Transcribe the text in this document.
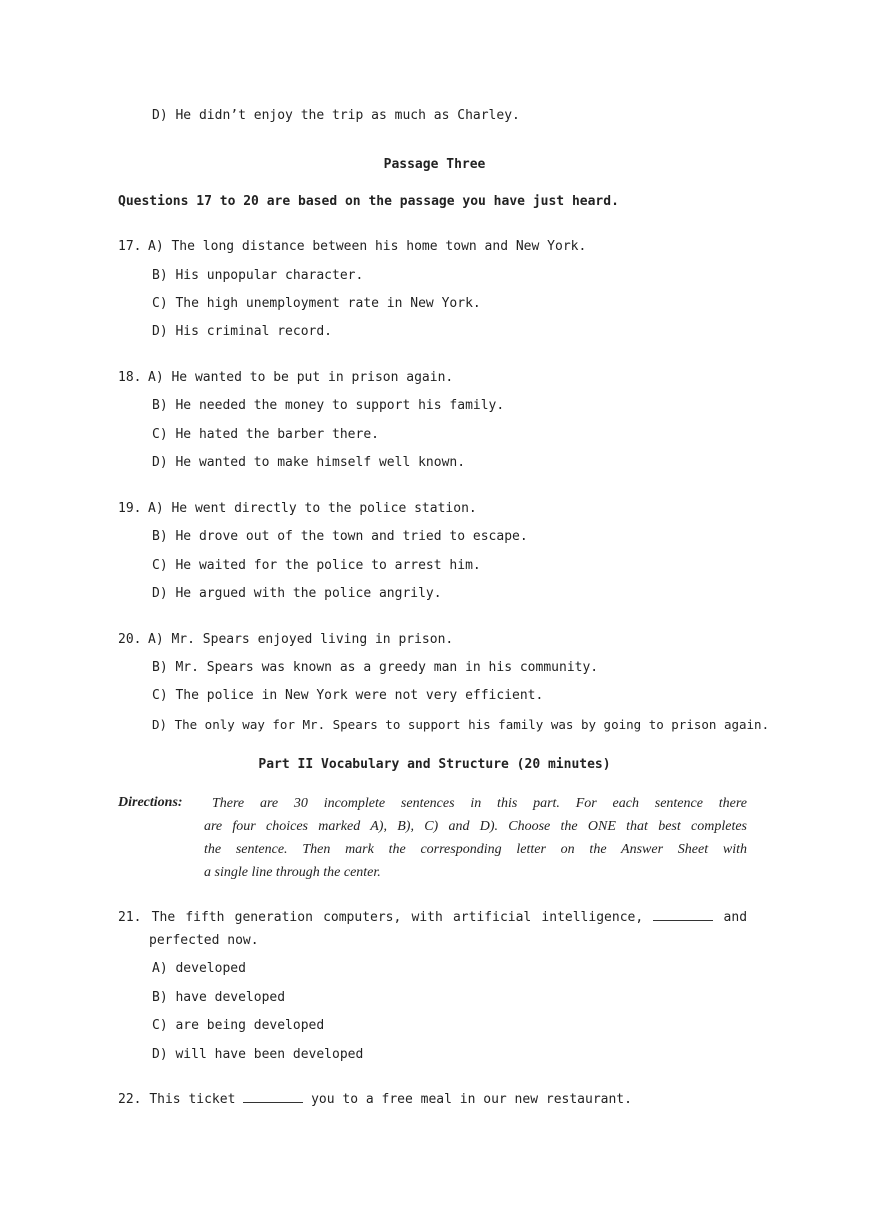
D) He didn’t enjoy the trip as much as Charley.
Passage Three
Questions 17 to 20 are based on the passage you have just heard.
17. A) The long distance between his home town and New York.
B) His unpopular character.
C) The high unemployment rate in New York.
D) His criminal record.
18. A) He wanted to be put in prison again.
B) He needed the money to support his family.
C) He hated the barber there.
D) He wanted to make himself well known.
19. A) He went directly to the police station.
B) He drove out of the town and tried to escape.
C) He waited for the police to arrest him.
D) He argued with the police angrily.
20. A) Mr. Spears enjoyed living in prison.
B) Mr. Spears was known as a greedy man in his community.
C) The police in New York were not very efficient.
D) The only way for Mr. Spears to support his family was by going to prison again.
Part II Vocabulary and Structure (20 minutes)
Directions: There are 30 incomplete sentences in this part. For each sentence there
are four choices marked A), B), C) and D). Choose the ONE that best completes
the sentence. Then mark the corresponding letter on the Answer Sheet with
a single line through the center.
21. The fifth generation computers, with artificial intelligence,	and
perfected now.
A) developed
B) have developed
C) are being developed
D) will have been developed
22. This ticket	you to a free meal in our new restaurant.
